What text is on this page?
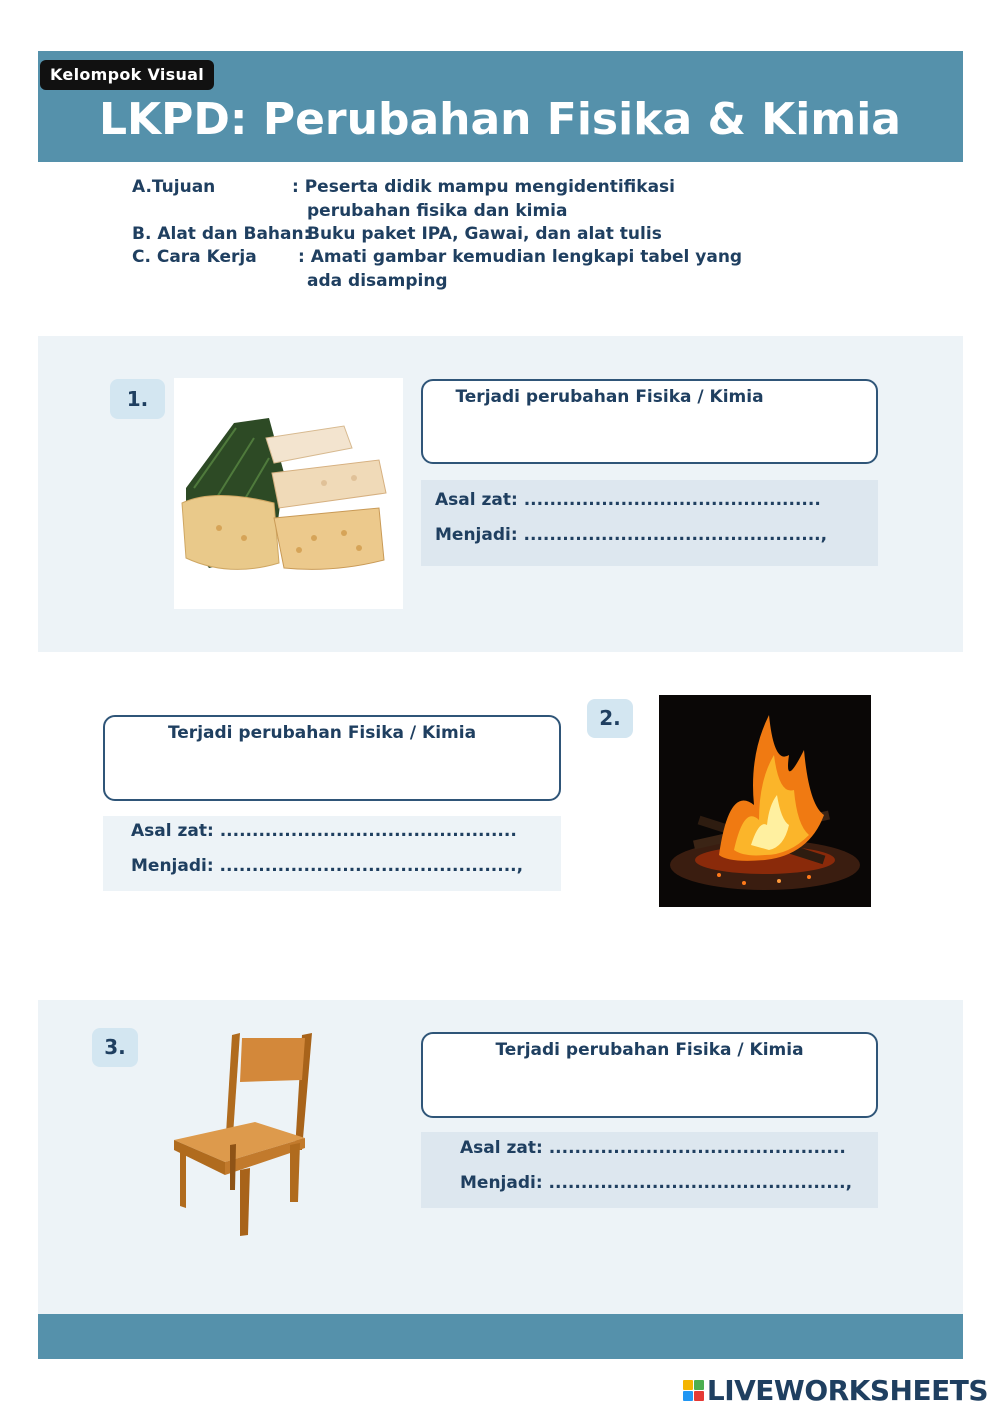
Kelompok Visual
LKPD: Perubahan Fisika & Kimia
A.Tujuan	: Peserta didik mampu mengidentifikasi
perubahan fisika dan kimia
B. Alat dan Bahan:
Buku paket IPA, Gawai, dan alat tulis
C. Cara Kerja : Amati gambar kemudian lengkapi tabel yang
ada disamping
1.	Terjadi perubahan Fisika / Kimia
Asal zat: ..............................................
Menjadi: ..............................................,
Terjadi perubahan Fisika / Kimia
Asal zat: ..............................................
Menjadi: ..............................................,
2.
3.	Terjadi perubahan Fisika / Kimia
Asal zat: ..............................................
Menjadi: ..............................................,
LIVEWORKSHEETS
